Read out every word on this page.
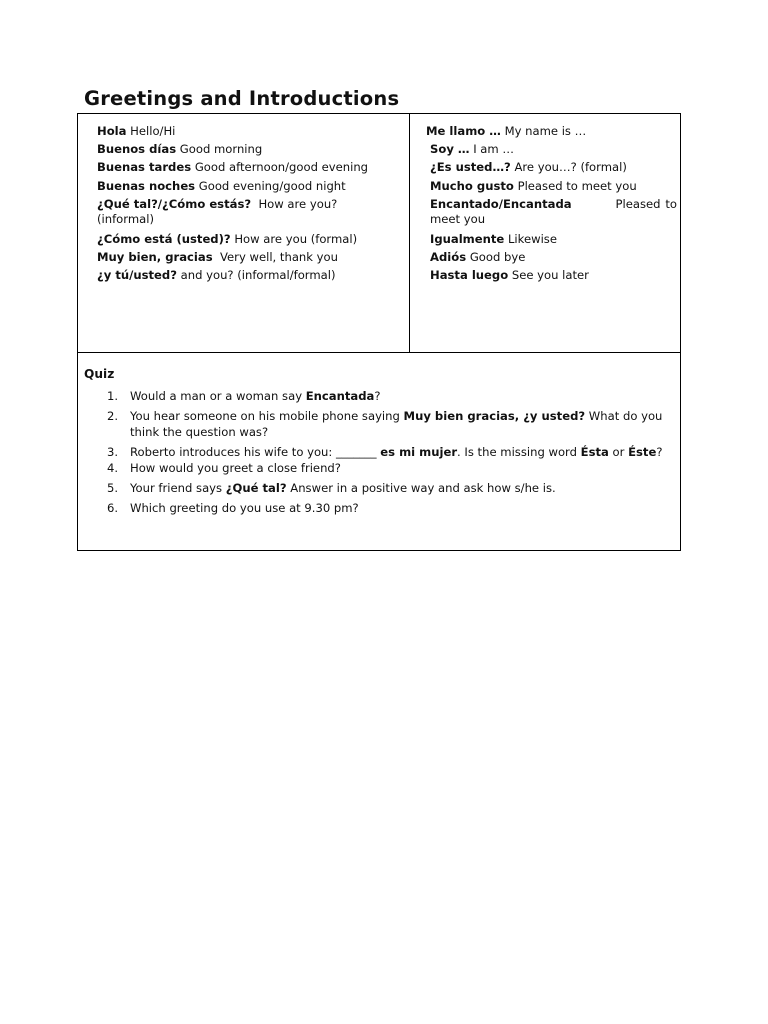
Greetings and Introductions
Hola Hello/Hi
Buenos días Good morning
Buenas tardes Good afternoon/good evening
Buenas noches Good evening/good night
¿Qué tal?/¿Cómo estás? How are you? (informal)
¿Cómo está (usted)? How are you (formal)
Muy bien, gracias Very well, thank you
¿y tú/usted? and you? (informal/formal)
Me llamo … My name is …
Soy … I am …
¿Es usted…? Are you…? (formal)
Mucho gusto Pleased to meet you
Encantado/Encantada	Pleased to meet you
Igualmente Likewise
Adiós Good bye
Hasta luego See you later
Quiz
1. Would a man or a woman say Encantada?
2. You hear someone on his mobile phone saying Muy bien gracias, ¿y usted? What do you think the question was?
3. Roberto introduces his wife to you: _______ es mi mujer. Is the missing word Ésta or Éste?
4. How would you greet a close friend?
5. Your friend says ¿Qué tal? Answer in a positive way and ask how s/he is.
6. Which greeting do you use at 9.30 pm?
